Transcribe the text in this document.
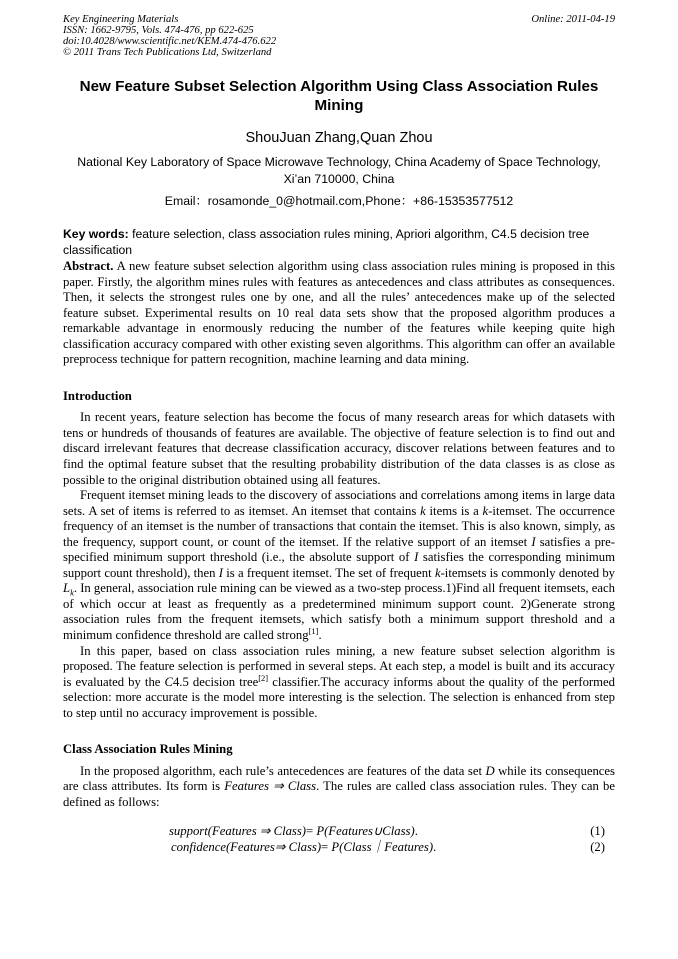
Key Engineering Materials
ISSN: 1662-9795, Vols. 474-476, pp 622-625
doi:10.4028/www.scientific.net/KEM.474-476.622
© 2011 Trans Tech Publications Ltd, Switzerland
Online: 2011-04-19
New Feature Subset Selection Algorithm Using Class Association Rules Mining
ShouJuan Zhang,Quan Zhou
National Key Laboratory of Space Microwave Technology, China Academy of Space Technology,
Xi’an 710000, China
Email：rosamonde_0@hotmail.com,Phone：+86-15353577512
Key words: feature selection, class association rules mining, Apriori algorithm, C4.5 decision tree classification
Abstract. A new feature subset selection algorithm using class association rules mining is proposed in this paper. Firstly, the algorithm mines rules with features as antecedences and class attributes as consequences. Then, it selects the strongest rules one by one, and all the rules’ antecedences make up of the selected feature subset. Experimental results on 10 real data sets show that the proposed algorithm produces a remarkable advantage in enormously reducing the number of the features while keeping quite high classification accuracy compared with other existing seven algorithms. This algorithm can offer an available preprocess technique for pattern recognition, machine learning and data mining.
Introduction
In recent years, feature selection has become the focus of many research areas for which datasets with tens or hundreds of thousands of features are available. The objective of feature selection is to find out and discard irrelevant features that decrease classification accuracy, discover relations between features and to find the optimal feature subset that the resulting probability distribution of the data classes is as close as possible to the original distribution obtained using all features.
Frequent itemset mining leads to the discovery of associations and correlations among items in large data sets. A set of items is referred to as itemset. An itemset that contains k items is a k-itemset. The occurrence frequency of an itemset is the number of transactions that contain the itemset. This is also known, simply, as the frequency, support count, or count of the itemset. If the relative support of an itemset I satisfies a pre-specified minimum support threshold (i.e., the absolute support of I satisfies the corresponding minimum support count threshold), then I is a frequent itemset. The set of frequent k-itemsets is commonly denoted by $L_k$. In general, association rule mining can be viewed as a two-step process.1)Find all frequent itemsets, each of which occur at least as frequently as a predetermined minimum support count. 2)Generate strong association rules from the frequent itemsets, which satisfy both a minimum support threshold and a minimum confidence threshold are called strong[1].
In this paper, based on class association rules mining, a new feature subset selection algorithm is proposed. The feature selection is performed in several steps. At each step, a model is built and its accuracy is evaluated by the C4.5 decision tree[2] classifier.The accuracy informs about the quality of the performed selection: more accurate is the model more interesting is the selection. The selection is enhanced from step to step until no accuracy improvement is possible.
Class Association Rules Mining
In the proposed algorithm, each rule’s antecedences are features of the data set D while its consequences are class attributes. Its form is Features ⇒ Class. The rules are called class association rules. They can be defined as follows:
support(Features ⇒ Class)= P(Features∪Class).	(1)
confidence(Features⇒ Class)= P(Class｜Features).	(2)
